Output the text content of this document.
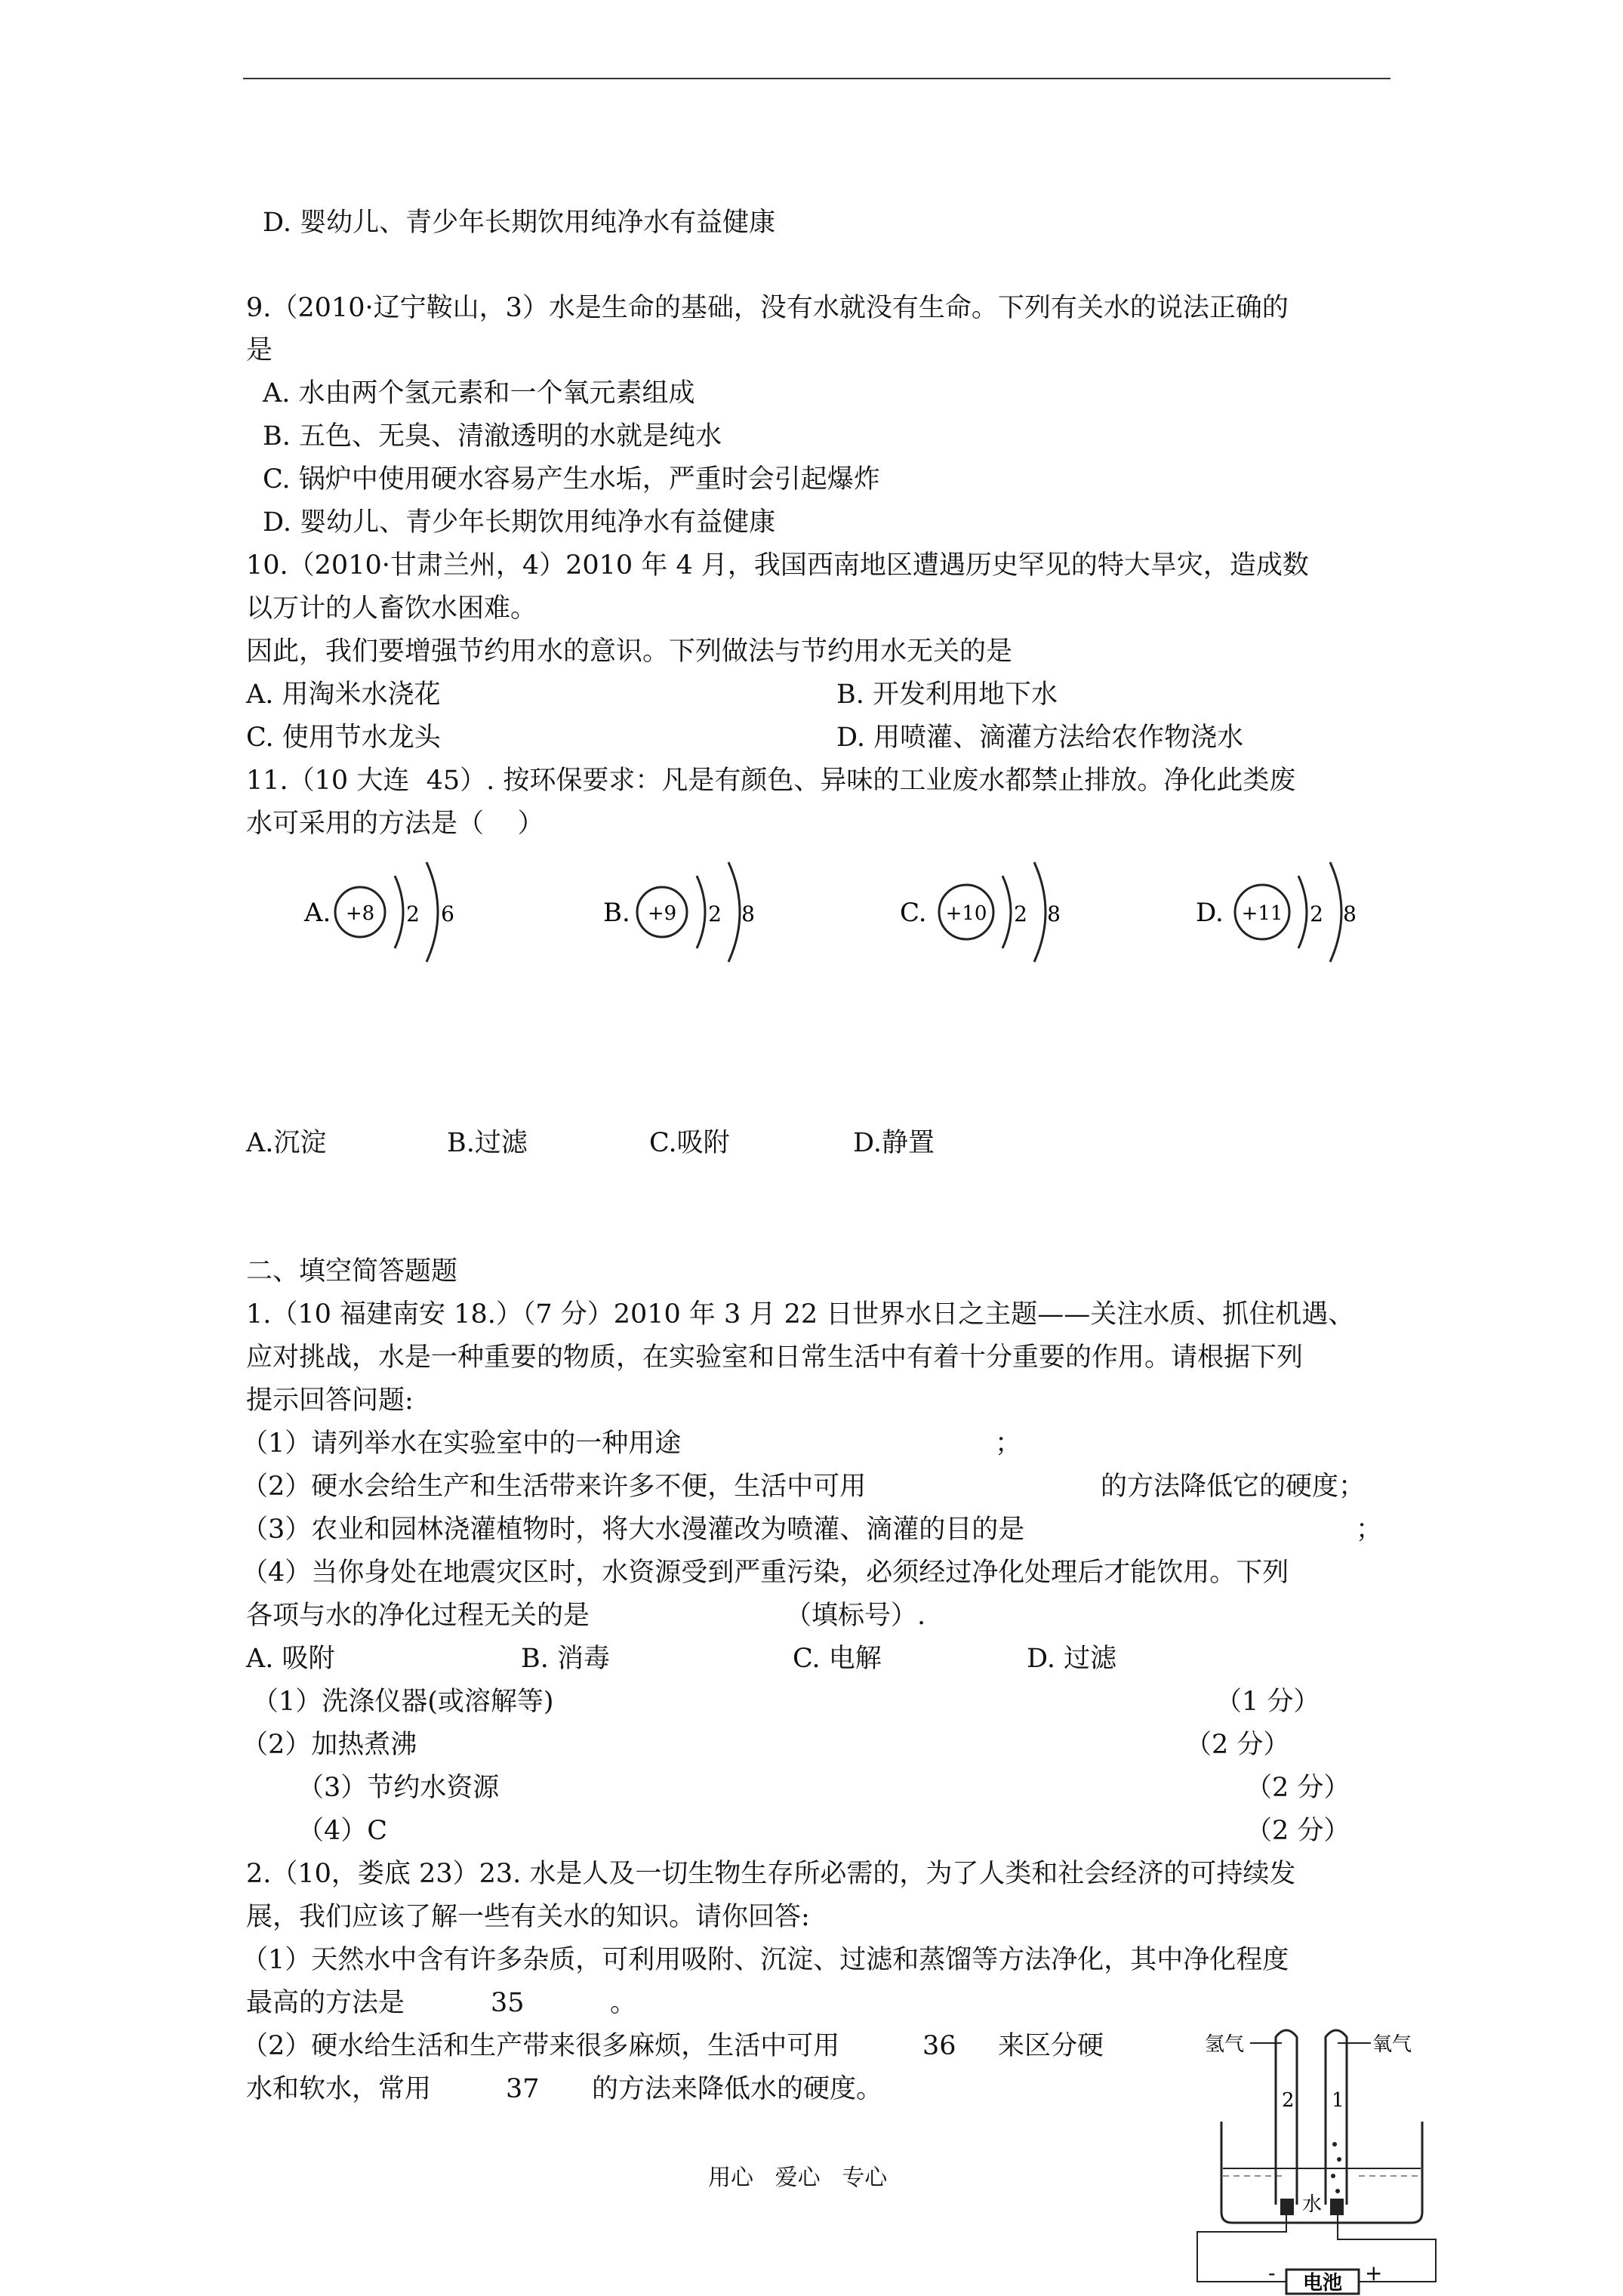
D. 婴幼儿、青少年长期饮用纯净水有益健康
9.（2010·辽宁鞍山，3）水是生命的基础，没有水就没有生命。下列有关水的说法正确的
是
A. 水由两个氢元素和一个氧元素组成
B. 五色、无臭、清澈透明的水就是纯水
C. 锅炉中使用硬水容易产生水垢，严重时会引起爆炸
D. 婴幼儿、青少年长期饮用纯净水有益健康
10.（2010·甘肃兰州，4）2010 年 4 月，我国西南地区遭遇历史罕见的特大旱灾，造成数
以万计的人畜饮水困难。
因此，我们要增强节约用水的意识。下列做法与节约用水无关的是
A. 用淘米水浇花	B. 开发利用地下水
C. 使用节水龙头	D. 用喷灌、滴灌方法给农作物浇水
11.（10 大连  45）. 按环保要求：凡是有颜色、异味的工业废水都禁止排放。净化此类废
水可采用的方法是（    ）
A. +8 2 6	B. +9 2 8	C. +10 2 8	D. +11 2 8
A.沉淀	B.过滤	C.吸附	D.静置
二、填空简答题题
1.（10 福建南安 18.）（7 分）2010 年 3 月 22 日世界水日之主题——关注水质、抓住机遇、
应对挑战，水是一种重要的物质，在实验室和日常生活中有着十分重要的作用。请根据下列
提示回答问题:
（1）请列举水在实验室中的一种用途	；
（2）硬水会给生产和生活带来许多不便，生活中可用	的方法降低它的硬度；
（3）农业和园林浇灌植物时，将大水漫灌改为喷灌、滴灌的目的是	；
（4）当你身处在地震灾区时，水资源受到严重污染，必须经过净化处理后才能饮用。下列
各项与水的净化过程无关的是	（填标号）.
A. 吸附	B. 消毒	C. 电解	D. 过滤
（1）洗涤仪器(或溶解等)	（1 分）
（2）加热煮沸	（2 分）
（3）节约水资源	（2 分）
（4）C	（2 分）
2.（10，娄底 23）23. 水是人及一切生物生存所必需的，为了人类和社会经济的可持续发
展，我们应该了解一些有关水的知识。请你回答:
（1）天然水中含有许多杂质，可利用吸附、沉淀、过滤和蒸馏等方法净化，其中净化程度
最高的方法是	35	。
（2）硬水给生活和生产带来很多麻烦，生活中可用	36 来区分硬
水和软水，常用	37 的方法来降低水的硬度。
氢气	氧气
2 1
水
电池
-	+
用心   爱心   专心
